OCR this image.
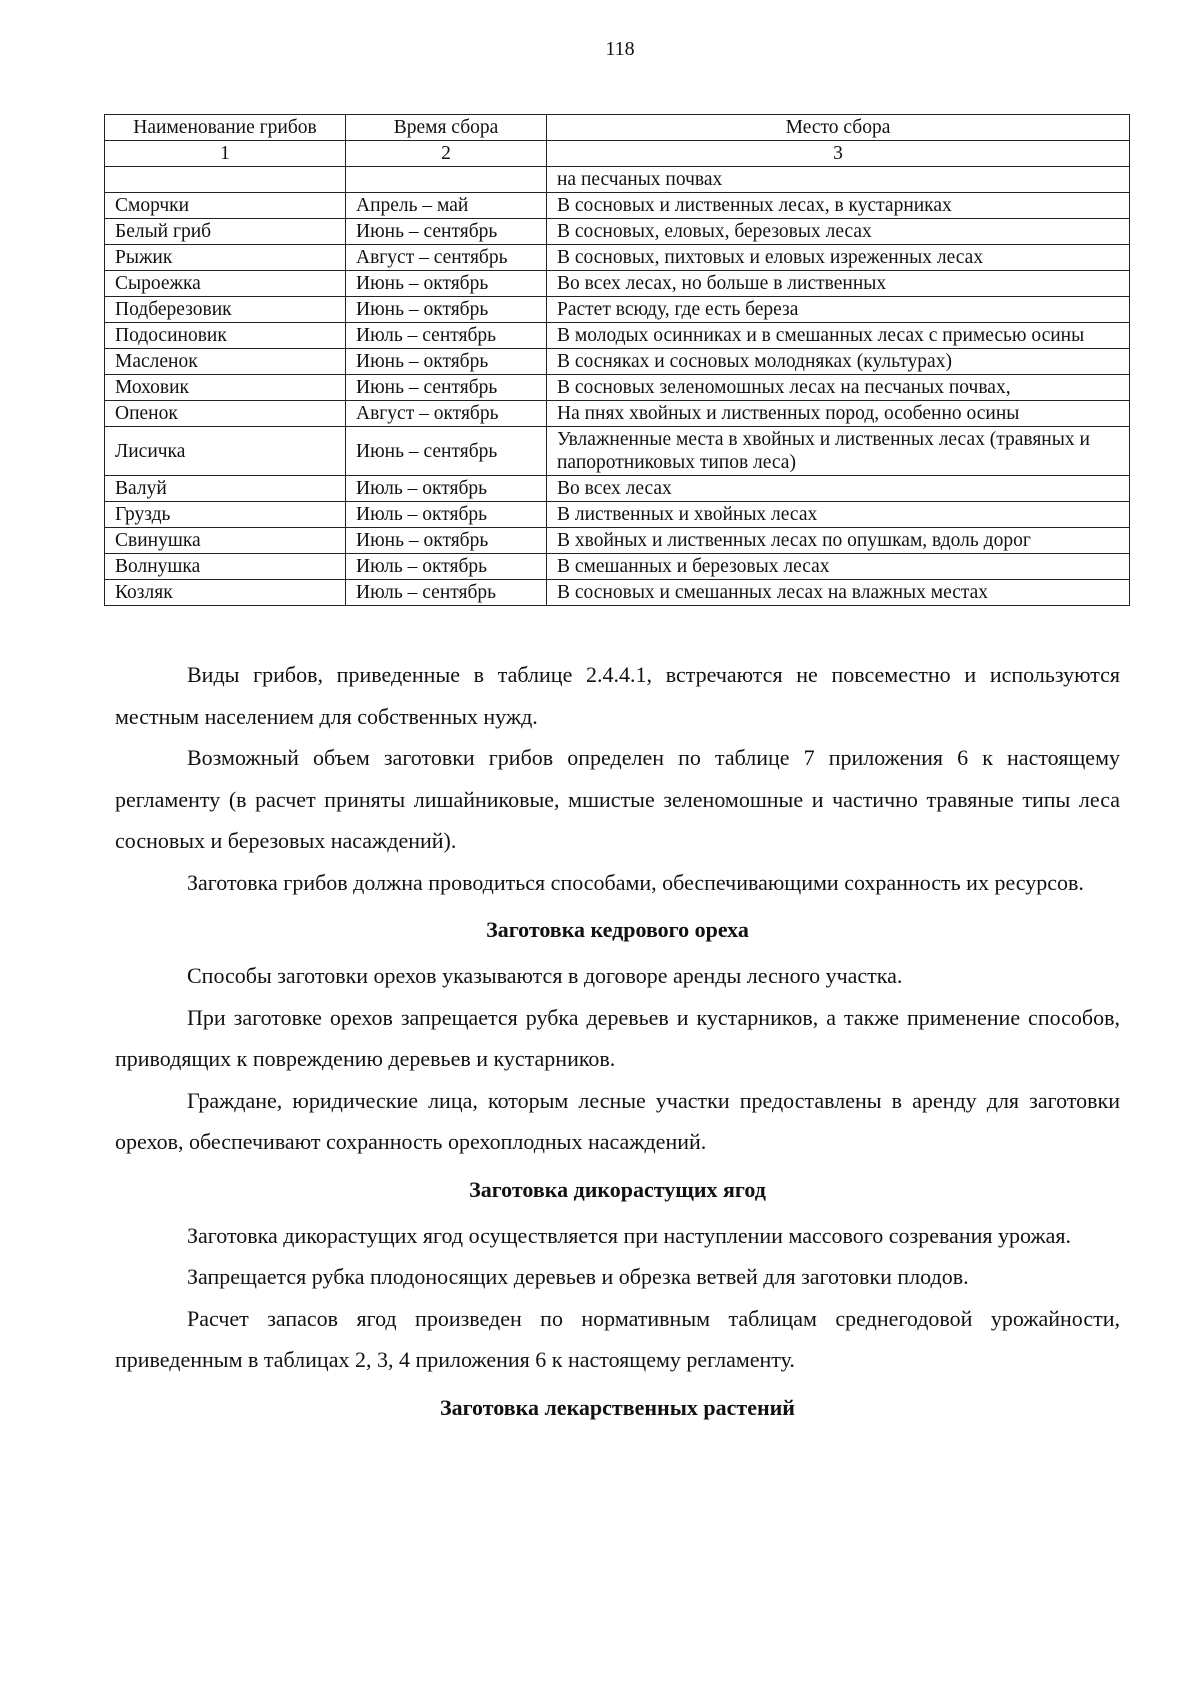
118
Наименование грибов	Время сбора	Место сбора
1	2	3
		на песчаных почвах
Сморчки	Апрель – май	В сосновых и лиственных лесах, в кустарниках
Белый гриб	Июнь – сентябрь	В сосновых, еловых, березовых лесах
Рыжик	Август – сентябрь	В сосновых, пихтовых и еловых изреженных лесах
Сыроежка	Июнь – октябрь	Во всех лесах, но больше в лиственных
Подберезовик	Июнь – октябрь	Растет всюду, где есть береза
Подосиновик	Июль – сентябрь	В молодых осинниках и в смешанных лесах с примесью осины
Масленок	Июнь – октябрь	В сосняках и сосновых молодняках (культурах)
Моховик	Июнь – сентябрь	В сосновых зеленомошных лесах на песчаных почвах,
Опенок	Август – октябрь	На пнях хвойных и лиственных пород, особенно осины
Лисичка	Июнь – сентябрь	Увлажненные места в хвойных и лиственных лесах (травяных и папоротниковых типов леса)
Валуй	Июль – октябрь	Во всех лесах
Груздь	Июль – октябрь	В лиственных и хвойных лесах
Свинушка	Июнь – октябрь	В хвойных и лиственных лесах по опушкам, вдоль дорог
Волнушка	Июль – октябрь	В смешанных и березовых лесах
Козляк	Июль – сентябрь	В сосновых и смешанных лесах на влажных местах

Виды грибов, приведенные в таблице 2.4.4.1, встречаются не повсеместно и используются местным населением для собственных нужд.

Возможный объем заготовки грибов определен по таблице 7 приложения 6 к настоящему регламенту (в расчет приняты лишайниковые, мшистые зеленомошные и частично травяные типы леса сосновых и березовых насаждений).

Заготовка грибов должна проводиться способами, обеспечивающими сохранность их ресурсов.

Заготовка кедрового ореха

Способы заготовки орехов указываются в договоре аренды лесного участка.

При заготовке орехов запрещается рубка деревьев и кустарников, а также применение способов, приводящих к повреждению деревьев и кустарников.

Граждане, юридические лица, которым лесные участки предоставлены в аренду для заготовки орехов, обеспечивают сохранность орехоплодных насаждений.

Заготовка дикорастущих ягод

Заготовка дикорастущих ягод осуществляется при наступлении массового созревания урожая.

Запрещается рубка плодоносящих деревьев и обрезка ветвей для заготовки плодов.

Расчет запасов ягод произведен по нормативным таблицам среднегодовой урожайности, приведенным в таблицах 2, 3, 4 приложения 6 к настоящему регламенту.

Заготовка лекарственных растений
